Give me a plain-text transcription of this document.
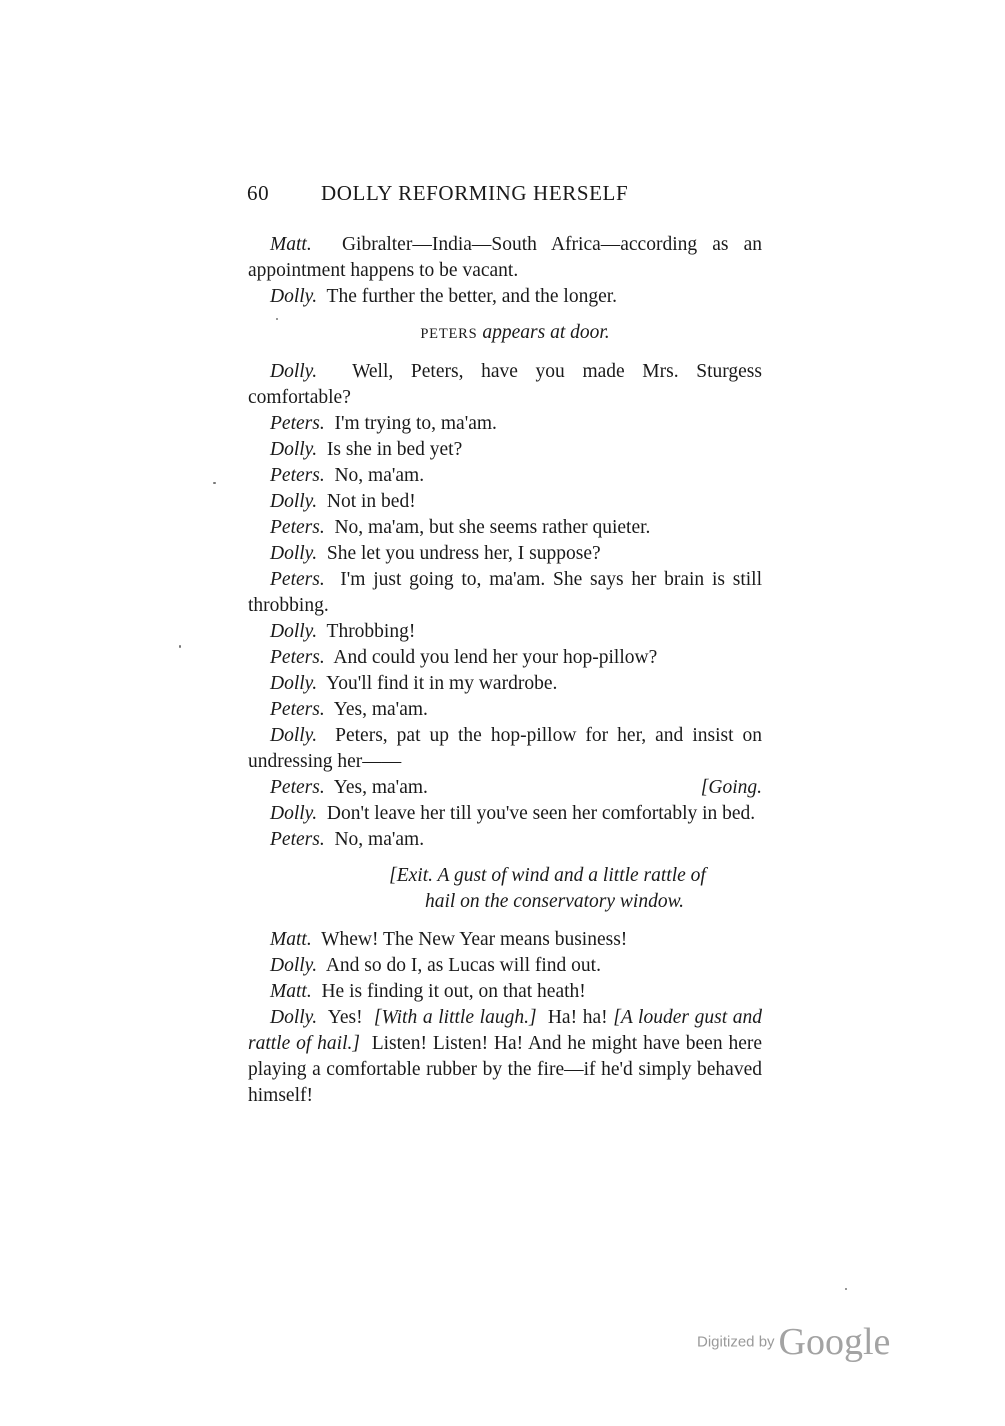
60 DOLLY REFORMING HERSELF

Matt. Gibralter—India—South Africa—according as an appointment happens to be vacant.

Dolly. The further the better, and the longer.

PETERS appears at door.

Dolly. Well, Peters, have you made Mrs. Sturgess comfortable?

Peters. I'm trying to, ma'am.

Dolly. Is she in bed yet?

Peters. No, ma'am.

Dolly. Not in bed!

Peters. No, ma'am, but she seems rather quieter.

Dolly. She let you undress her, I suppose?

Peters. I'm just going to, ma'am. She says her brain is still throbbing.

Dolly. Throbbing!

Peters. And could you lend her your hop-pillow?

Dolly. You'll find it in my wardrobe.

Peters. Yes, ma'am.

Dolly. Peters, pat up the hop-pillow for her, and insist on undressing her——

Peters. Yes, ma'am.	[Going.

Dolly. Don't leave her till you've seen her comfortably in bed.

Peters. No, ma'am.

[Exit. A gust of wind and a little rattle of
hail on the conservatory window.

Matt. Whew! The New Year means business!

Dolly. And so do I, as Lucas will find out.

Matt. He is finding it out, on that heath!

Dolly. Yes! [With a little laugh.] Ha! ha! [A louder gust and rattle of hail.] Listen! Listen! Ha! And he might have been here playing a comfortable rubber by the fire—if he'd simply behaved himself!

Digitized by Google
